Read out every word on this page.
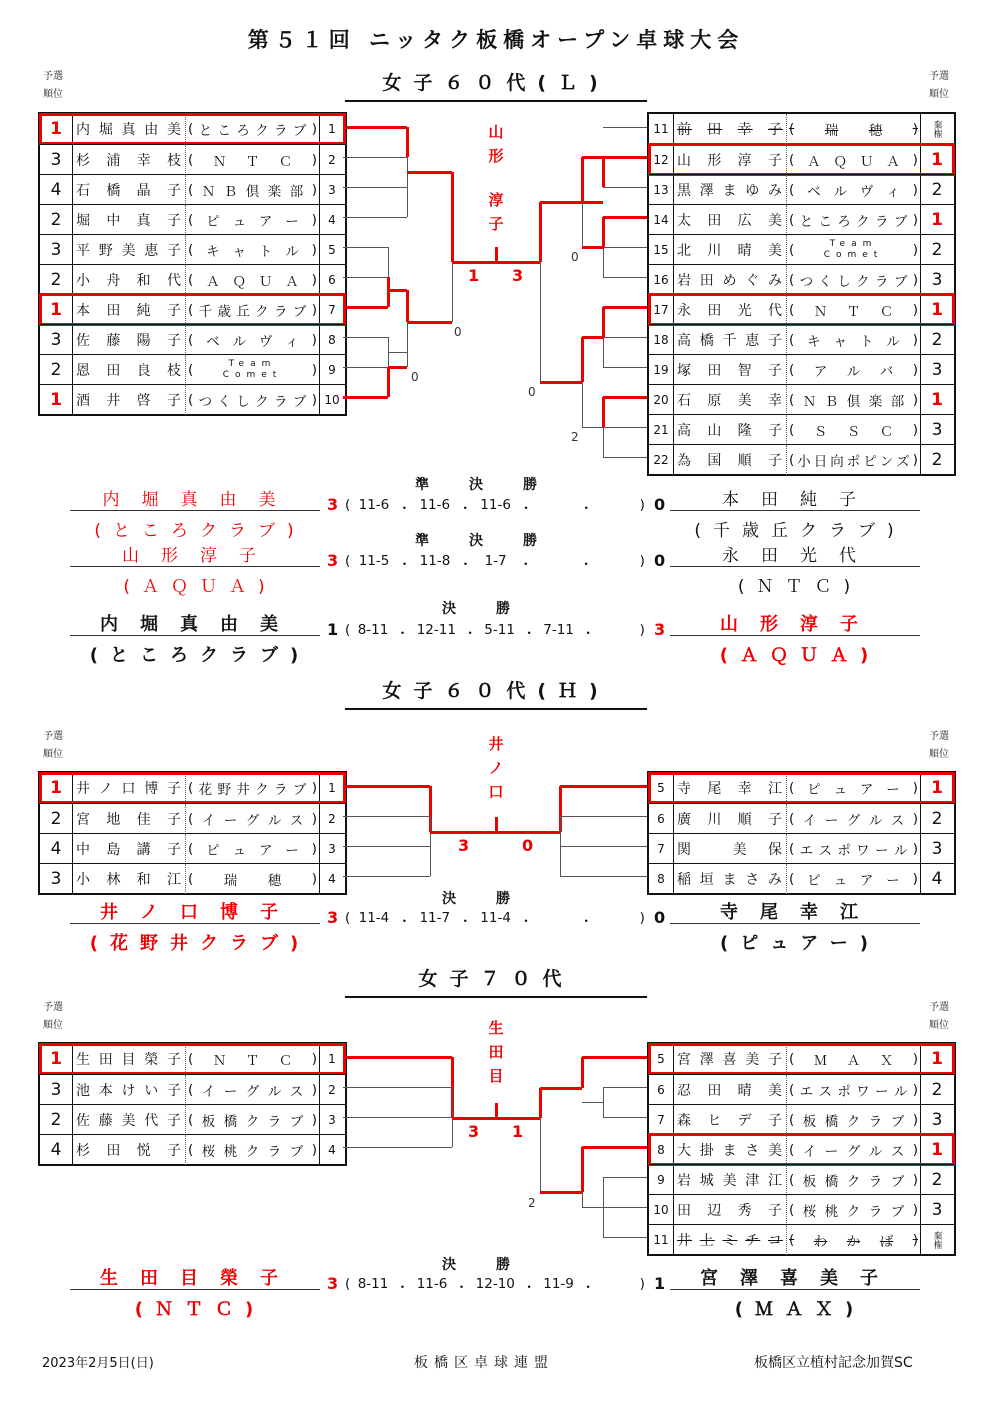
第５１回 ニッタク板橋オープン卓球大会
女子６０代(Ｌ)
予選
順位
予選
順位
1	内 堀 真 由 美 ( と こ ろ ク ラ ブ ) 1
3	杉 浦 幸 枝 ( Ｎ Ｔ Ｃ ) 2
4	石 橋 晶 子 ( Ｎ Ｂ 倶 楽 部 ) 3
2	堀 中 真 子 ( ピ ュ ア ー ) 4
3	平 野 美 恵 子 ( キ ャ ト ル ) 5
2	小 舟 和 代 ( Ａ Ｑ Ｕ Ａ ) 6
1	本 田 純 子 ( 千 歳 丘 ク ラ ブ ) 7
3	佐 藤 陽 子 ( ベ ル ヴ ィ ) 8
2	恩 田 良 枝 (	Team Comet	) 9
1	酒 井 啓 子 ( つ く し ク ラ ブ ) 10
11 前 田 幸 子 ( 瑞 穂 )	棄権
12 山 形 淳 子 ( Ａ Ｑ Ｕ Ａ ) 1
13 黒 澤 ま ゆ み ( ベ ル ヴ ィ ) 2
14 太 田 広 美 ( と こ ろ ク ラ ブ ) 1
15 北 川 晴 美 (	Team Comet	) 2
16 岩 田 め ぐ み ( つ く し ク ラ ブ ) 3
17 永 田 光 代 ( Ｎ Ｔ Ｃ ) 1
18 高 橋 千 恵 子 ( キ ャ ト ル ) 2
19 塚 田 智 子 ( ア ル バ ) 3
20 石 原 美 幸 ( Ｎ Ｂ 倶 楽 部 ) 1
21 高 山 隆 子 ( Ｓ Ｓ Ｃ ) 3
22 為 国 順 子 ( 小 日 向 ポ ピ ン ズ ) 2
山
形
淳
子
1 3
0
0
0
0
2
準決勝
内堀真由美
(ところクラブ)
3 ( 11-6 ・ 11-6 ・ 11-6 ・	・	) 0	本田純子
(千歳丘クラブ)
準決勝
山形淳子
(ＡＱＵＡ)
3 ( 11-5 ・ 11-8 ・ 1-7 ・	・	) 0	永田光代
(ＮＴＣ)
決勝
内堀真由美
(ところクラブ)
1 ( 8-11 ・ 12-11 ・ 5-11 ・ 7-11 ・	) 3	山形淳子
(ＡＱＵＡ)
女子６０代(Ｈ)
予選
順位
予選
順位
1	井 ノ 口 博 子 ( 花 野 井 ク ラ ブ ) 1
2	宮 地 佳 子 ( イ ー グ ル ス ) 2
4	中 島 講 子 ( ピ ュ ア ー ) 3
3	小 林 和 江 ( 瑞 穂 ) 4
5 寺 尾 幸 江 ( ピ ュ ア ー ) 1
6 廣 川 順 子 ( イ ー グ ル ス ) 2
7 関	美 保 ( エ ス ポ ワ ー ル ) 3
8 稲 垣 ま さ み ( ピ ュ ア ー ) 4
井
ノ
口
3	0
決勝
井ノ口博子
(花野井クラブ)
3 ( 11-4 ・ 11-7 ・ 11-4 ・	・	) 0	寺尾幸江
(ピュアー)
女子７０代
予選
順位
予選
順位
1	生 田 目 榮 子 ( Ｎ Ｔ Ｃ ) 1
3	池 本 け い 子 ( イ ー グ ル ス ) 2
2	佐 藤 美 代 子 ( 板 橋 ク ラ ブ ) 3
4	杉 田 悦 子 ( 桜 桃 ク ラ ブ ) 4
5 宮 澤 喜 美 子 ( Ｍ Ａ Ｘ ) 1
6 忍 田 晴 美 ( エ ス ポ ワ ー ル ) 2
7 森 ヒ デ 子 ( 板 橋 ク ラ ブ ) 3
8 大 掛 ま さ 美 ( イ ー グ ル ス ) 1
9 岩 城 美 津 江 ( 板 橋 ク ラ ブ ) 2
10 田 辺 秀 子 ( 桜 桃 ク ラ ブ ) 3
11 井 上 ミ チ コ ( わ か ば )	棄権
生
田
目
3 1
2
決勝
生田目榮子
(ＮＴＣ)
3 ( 8-11 ・ 11-6 ・ 12-10 ・ 11-9 ・	) 1	宮澤喜美子
(ＭＡＸ)
2023年2月5日(日)	板橋区卓球連盟	板橋区立植村記念加賀SC
